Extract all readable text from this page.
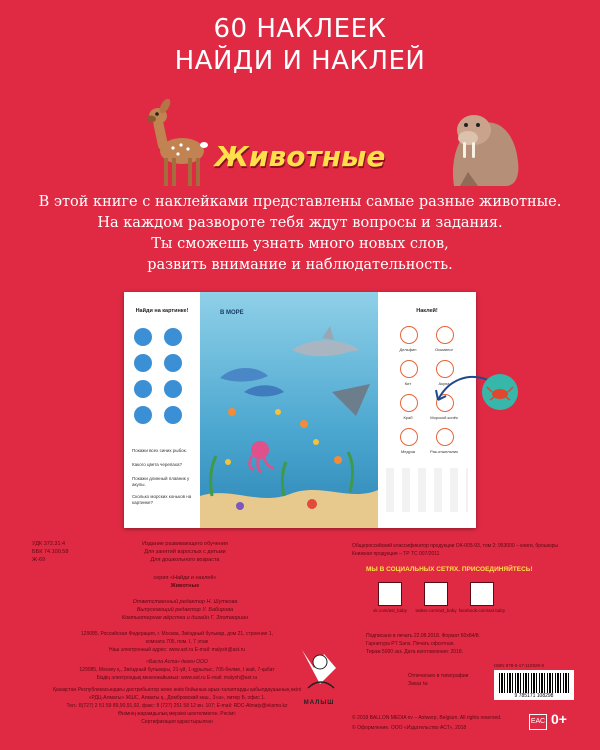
60 НАКЛЕЕК
НАЙДИ И НАКЛЕЙ
Животные
В этой книге с наклейками представлены самые разные животные.
На каждом развороте тебя ждут вопросы и задания.
Ты сможешь узнать много новых слов,
развить внимание и наблюдательность.
Найди на картинке!
Покажи всех синих рыбок.
Какого цвета черепаха?
Покажи длинный плавник у акулы.
Сколько морских коньков на картинке?
В МОРЕ	Наклей!
Дельфин	Осьминог
Кит	Акула
Краб	Морской конёк
Медуза	Рак-отшельник
УДК 372.31:4
ББК 74.100.58
Ж-69
Издание развивающего обучения
Для занятий взрослых с детьми
Для дошкольного возраста
серия «Найди и наклей»
Животные
Ответственный редактор Н. Шуткова
Выпускающий редактор У. Бабирова
Компьютерная вёрстка и дизайн Г. Злотвориан
129085, Российская Федерация, г. Москва, Звёздный бульвар, дом 21, строение 1,
комната 705, пом. I, 7 этаж
Наш электронный адрес: www.ast.ru E-mail: malysh@ast.ru
«Баспа Аста» деген ООО
129085, Мәскеу қ., Звёздный бульвары, 21-үй, 1-құрылыс, 705-бөлме, I жай, 7-қабат
Біздің электрондық мекенжайымыз: www.ast.ru E-mail: malysh@ast.ru
Қазақстан Республикасындағы дистрибьютор және өнім бойынша арыз-талаптарды қабылдаушының өкілі
«РДЦ-Алматы» ЖШС, Алматы қ., Домбровский көш., 3«а», литер Б, офис 1.
Тел.: 8(727) 2 51 59 89,90,91,92, факс: 8 (727) 251 58 12 вн. 107; E-mail: RDC-Almaty@eksmo.kz
Өнімнің жарамдылық мерзімі шектелмеген. Рәсімі:
Сертификация қарастырылған
МАЛЫШ
Общероссийский классификатор продукции ОК-005-93, том 2; 953000 – книги, брошюры
Книжная продукция – ТР ТС 007/2011
МЫ В СОЦИАЛЬНЫХ СЕТЯХ. ПРИСОЕДИНЯЙТЕСЬ!
vk.com/ast_baby	twitter.com/ast_baby facebook.com/ast.baby
Подписано в печать 22.08.2018. Формат 60х84/8.
Гарнитура PT Sans. Печать офсетная.
Тираж 5000 экз. Дата изготовления: 2018.
Отпечатано в типографии
Заказ №
ISBN 978-5-17-110829-8
9 785171 108298
© 2018 BALLON MEDIA nv – Antwerp, Belgium. All rights reserved.
© Оформление. ООО «Издательство АСТ», 2018
ЕАС 0+
